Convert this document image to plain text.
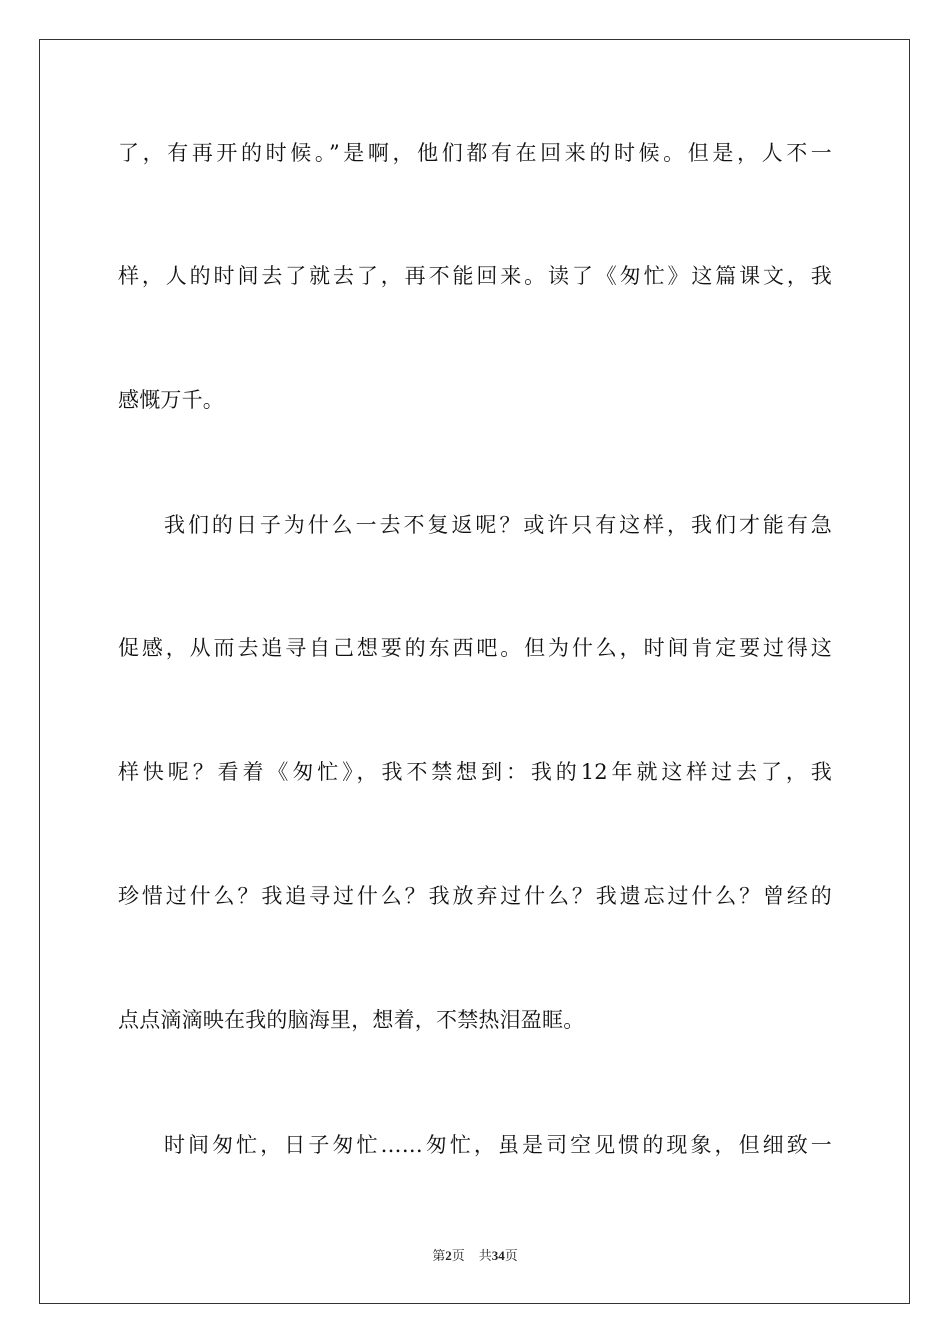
了，有再开的时候。”是啊，他们都有在回来的时候。但是，人不一
样，人的时间去了就去了，再不能回来。读了《匆忙》这篇课文，我
感慨万千。
我们的日子为什么一去不复返呢？或许只有这样，我们才能有急
促感，从而去追寻自己想要的东西吧。但为什么，时间肯定要过得这
样快呢？看着《匆忙》，我不禁想到：我的12年就这样过去了，我
珍惜过什么？我追寻过什么？我放弃过什么？我遗忘过什么？曾经的
点点滴滴映在我的脑海里，想着，不禁热泪盈眶。
时间匆忙，日子匆忙……匆忙，虽是司空见惯的现象，但细致一
第2页 共34页
